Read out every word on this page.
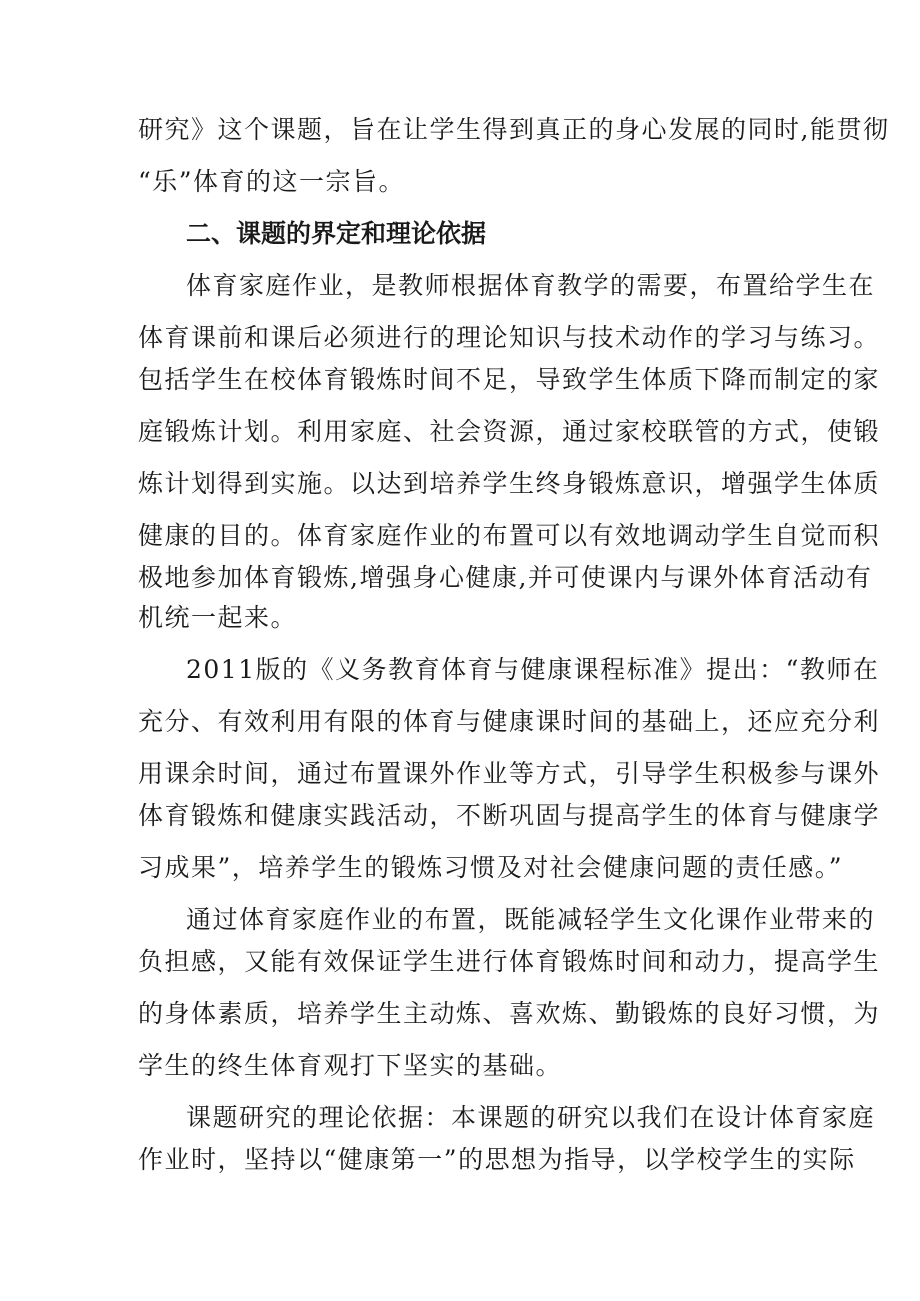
研究》这个课题，旨在让学生得到真正的身心发展的同时,能贯彻
“乐”体育的这一宗旨。
二、课题的界定和理论依据
体育家庭作业，是教师根据体育教学的需要，布置给学生在
体育课前和课后必须进行的理论知识与技术动作的学习与练习。
包括学生在校体育锻炼时间不足，导致学生体质下降而制定的家
庭锻炼计划。利用家庭、社会资源，通过家校联管的方式，使锻
炼计划得到实施。以达到培养学生终身锻炼意识，增强学生体质
健康的目的。体育家庭作业的布置可以有效地调动学生自觉而积
极地参加体育锻炼,增强身心健康,并可使课内与课外体育活动有
机统一起来。
2011版的《义务教育体育与健康课程标准》提出：“教师在
充分、有效利用有限的体育与健康课时间的基础上，还应充分利
用课余时间，通过布置课外作业等方式，引导学生积极参与课外
体育锻炼和健康实践活动，不断巩固与提高学生的体育与健康学
习成果”，培养学生的锻炼习惯及对社会健康问题的责任感。”
通过体育家庭作业的布置，既能减轻学生文化课作业带来的
负担感，又能有效保证学生进行体育锻炼时间和动力，提高学生
的身体素质，培养学生主动炼、喜欢炼、勤锻炼的良好习惯，为
学生的终生体育观打下坚实的基础。
课题研究的理论依据：本课题的研究以我们在设计体育家庭
作业时，坚持以“健康第一”的思想为指导，以学校学生的实际
